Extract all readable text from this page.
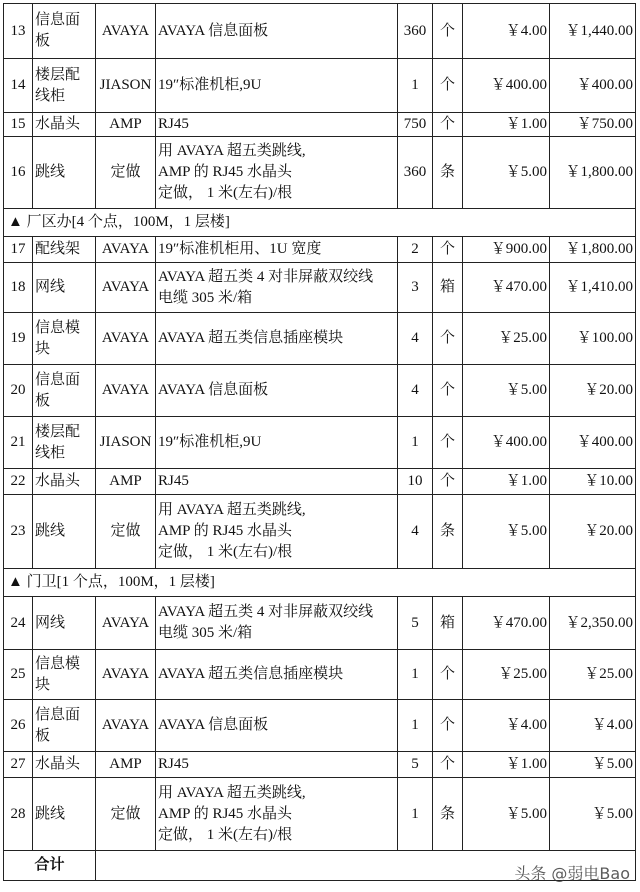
13	信息面板	AVAYA	AVAYA 信息面板	360	个	￥4.00	￥1,440.00
14	楼层配线柜	JIASON	19″标准机柜,9U	1	个	￥400.00	￥400.00
15	水晶头	AMP	RJ45	750	个	￥1.00	￥750.00
16	跳线	定做	用 AVAYA 超五类跳线,
AMP 的 RJ45 水晶头
定做， 1 米(左右)/根	360	条	￥5.00	￥1,800.00
▲ 厂区办[4 个点，100M，1 层楼]							
17	配线架	AVAYA	19″标准机柜用、1U 宽度	2	个	￥900.00	￥1,800.00
18	网线	AVAYA	AVAYA 超五类 4 对非屏蔽双绞线
电缆 305 米/箱	3	箱	￥470.00	￥1,410.00
19	信息模块	AVAYA	AVAYA 超五类信息插座模块	4	个	￥25.00	￥100.00
20	信息面板	AVAYA	AVAYA 信息面板	4	个	￥5.00	￥20.00
21	楼层配线柜	JIASON	19″标准机柜,9U	1	个	￥400.00	￥400.00
22	水晶头	AMP	RJ45	10	个	￥1.00	￥10.00
23	跳线	定做	用 AVAYA 超五类跳线,
AMP 的 RJ45 水晶头
定做， 1 米(左右)/根	4	条	￥5.00	￥20.00
▲ 门卫[1 个点，100M，1 层楼]							
24	网线	AVAYA	AVAYA 超五类 4 对非屏蔽双绞线
电缆 305 米/箱	5	箱	￥470.00	￥2,350.00
25	信息模块	AVAYA	AVAYA 超五类信息插座模块	1	个	￥25.00	￥25.00
26	信息面板	AVAYA	AVAYA 信息面板	1	个	￥4.00	￥4.00
27	水晶头	AMP	RJ45	5	个	￥1.00	￥5.00
28	跳线	定做	用 AVAYA 超五类跳线,
AMP 的 RJ45 水晶头
定做， 1 米(左右)/根	1	条	￥5.00	￥5.00
合计								头条 @弱电Bao
